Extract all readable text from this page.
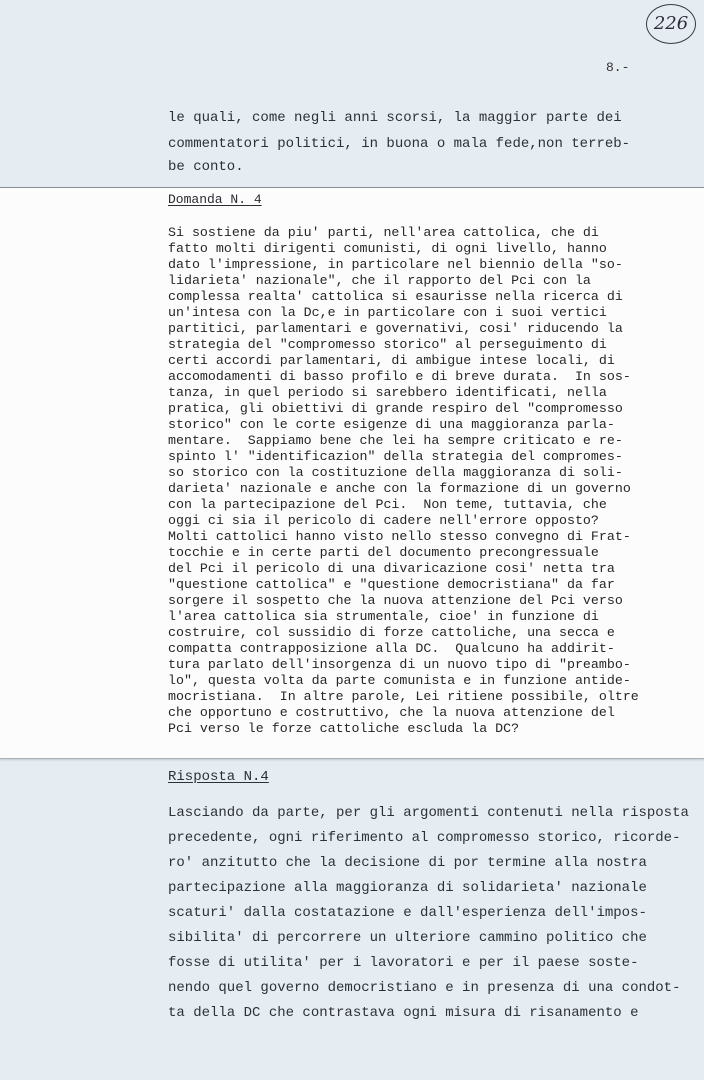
226
8.-
le quali, come negli anni scorsi, la maggior parte dei
commentatori politici, in buona o mala fede,non terreb-
be conto.
Domanda N. 4
Si sostiene da piu' parti, nell'area cattolica, che di
fatto molti dirigenti comunisti, di ogni livello, hanno
dato l'impressione, in particolare nel biennio della "so-
lidarieta' nazionale", che il rapporto del Pci con la
complessa realta' cattolica si esaurisse nella ricerca di
un'intesa con la Dc,e in particolare con i suoi vertici
partitici, parlamentari e governativi, cosi' riducendo la
strategia del "compromesso storico" al perseguimento di
certi accordi parlamentari, di ambigue intese locali, di
accomodamenti di basso profilo e di breve durata.  In sos-
tanza, in quel periodo si sarebbero identificati, nella
pratica, gli obiettivi di grande respiro del "compromesso
storico" con le corte esigenze di una maggioranza parla-
mentare.  Sappiamo bene che lei ha sempre criticato e re-
spinto l' "identificazion" della strategia del compromes-
so storico con la costituzione della maggioranza di soli-
darieta' nazionale e anche con la formazione di un governo
con la partecipazione del Pci.  Non teme, tuttavia, che
oggi ci sia il pericolo di cadere nell'errore opposto?
Molti cattolici hanno visto nello stesso convegno di Frat-
tocchie e in certe parti del documento precongressuale
del Pci il pericolo di una divaricazione cosi' netta tra
"questione cattolica" e "questione democristiana" da far
sorgere il sospetto che la nuova attenzione del Pci verso
l'area cattolica sia strumentale, cioe' in funzione di
costruire, col sussidio di forze cattoliche, una secca e
compatta contrapposizione alla DC.  Qualcuno ha addirit-
tura parlato dell'insorgenza di un nuovo tipo di "preambo-
lo", questa volta da parte comunista e in funzione antide-
mocristiana.  In altre parole, Lei ritiene possibile, oltre
che opportuno e costruttivo, che la nuova attenzione del
Pci verso le forze cattoliche escluda la DC?
Risposta N.4
Lasciando da parte, per gli argomenti contenuti nella risposta
precedente, ogni riferimento al compromesso storico, ricorde-
ro' anzitutto che la decisione di por termine alla nostra
partecipazione alla maggioranza di solidarieta' nazionale
scaturi' dalla costatazione e dall'esperienza dell'impos-
sibilita' di percorrere un ulteriore cammino politico che
fosse di utilita' per i lavoratori e per il paese soste-
nendo quel governo democristiano e in presenza di una condot-
ta della DC che contrastava ogni misura di risanamento e
